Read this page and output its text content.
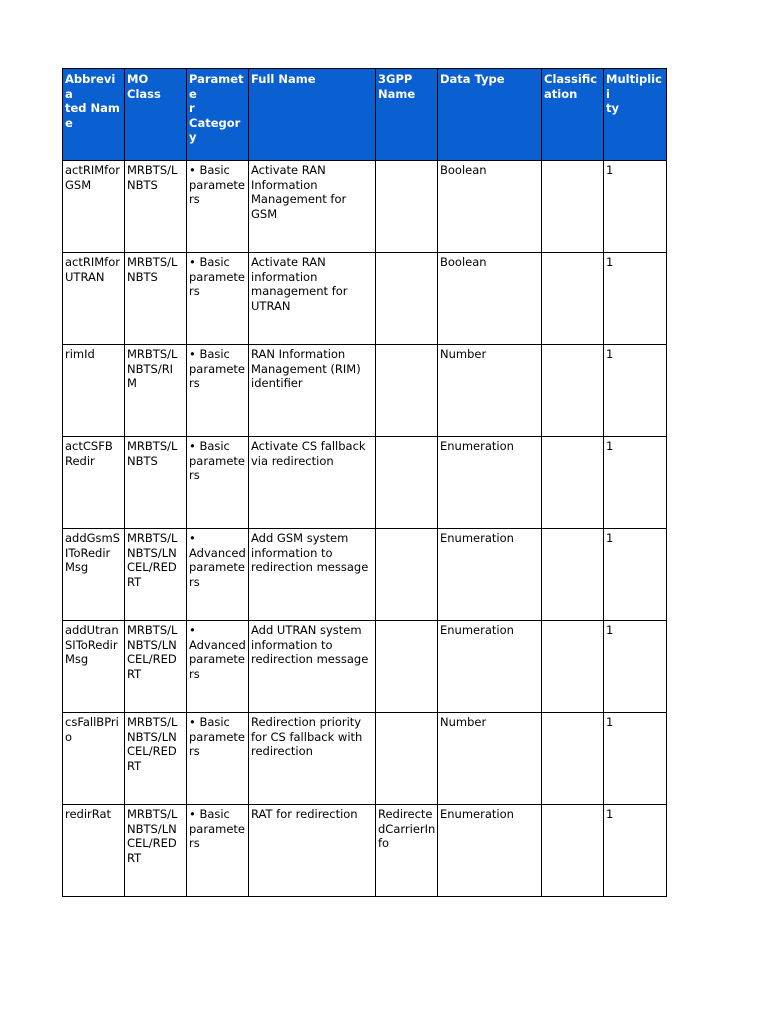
Abbrevia
ted Name	MO
Class	Paramete
r
Category	Full Name	3GPP
Name	Data Type	Classific
ation	Multiplici
ty
actRIMfor
GSM	MRBTS/L
NBTS	• Basic
paramete
rs	Activate RAN
Information
Management for
GSM		Boolean		1
actRIMfor
UTRAN	MRBTS/L
NBTS	• Basic
paramete
rs	Activate RAN
information
management for
UTRAN		Boolean		1
rimId	MRBTS/L
NBTS/RI
M	• Basic
paramete
rs	RAN Information
Management (RIM)
identifier		Number		1
actCSFB
Redir	MRBTS/L
NBTS	• Basic
paramete
rs	Activate CS fallback
via redirection		Enumeration		1
addGsmS
IToRedir
Msg	MRBTS/L
NBTS/LN
CEL/RED
RT	•
Advanced
paramete
rs	Add GSM system
information to
redirection message		Enumeration		1
addUtran
SIToRedir
Msg	MRBTS/L
NBTS/LN
CEL/RED
RT	•
Advanced
paramete
rs	Add UTRAN system
information to
redirection message		Enumeration		1
csFallBPri
o	MRBTS/L
NBTS/LN
CEL/RED
RT	• Basic
paramete
rs	Redirection priority
for CS fallback with
redirection		Number		1
redirRat	MRBTS/L
NBTS/LN
CEL/RED
RT	• Basic
paramete
rs	RAT for redirection	Redirecte
dCarrierIn
fo	Enumeration		1
